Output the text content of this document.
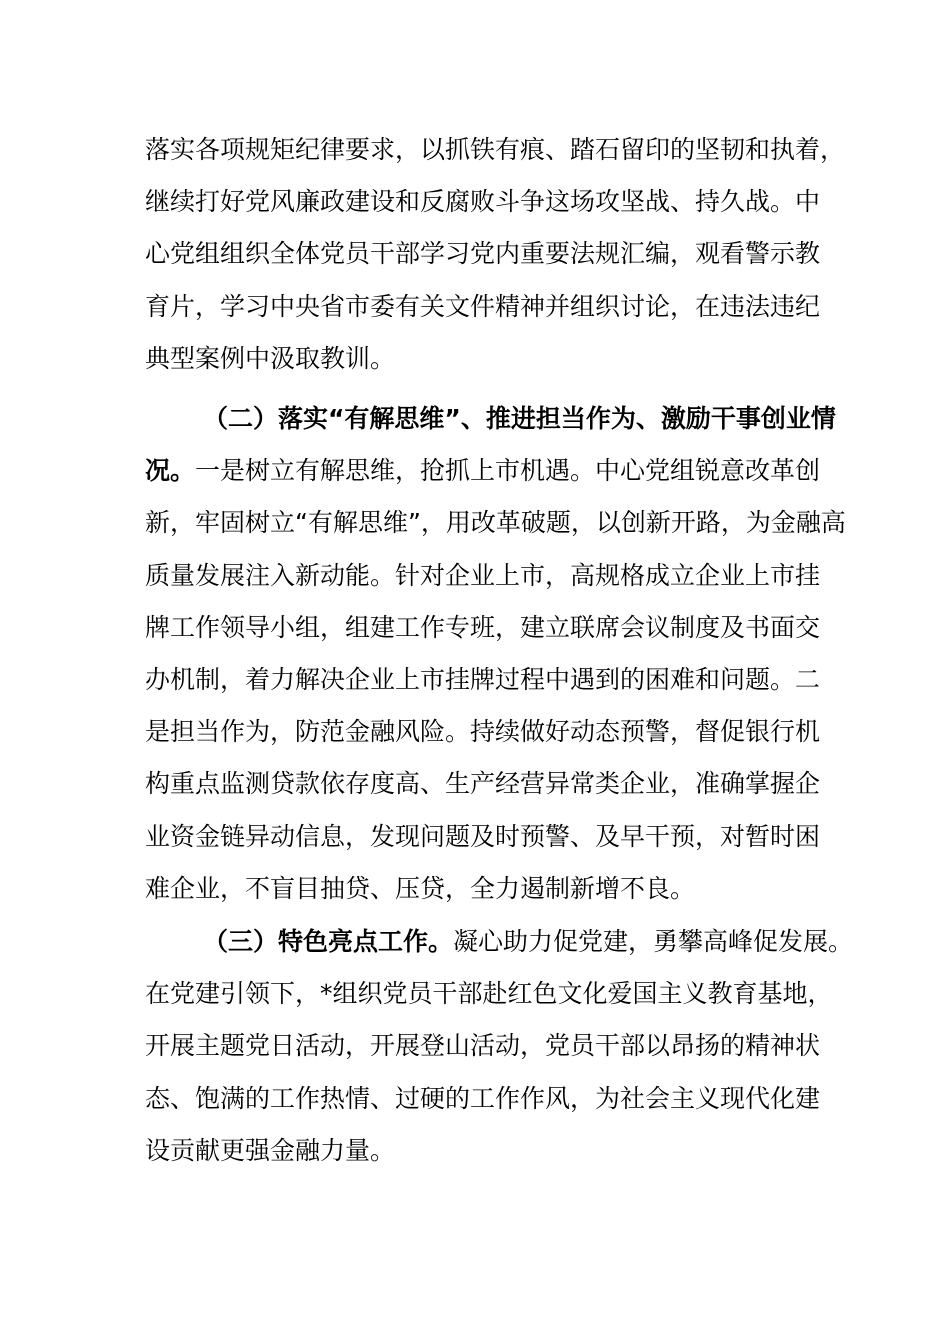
落实各项规矩纪律要求，以抓铁有痕、踏石留印的坚韧和执着，
继续打好党风廉政建设和反腐败斗争这场攻坚战、持久战。中
心党组组织全体党员干部学习党内重要法规汇编，观看警示教
育片，学习中央省市委有关文件精神并组织讨论，在违法违纪
典型案例中汲取教训。
（二）落实“有解思维”、推进担当作为、激励干事创业情
况。一是树立有解思维，抢抓上市机遇。中心党组锐意改革创
新，牢固树立“有解思维”，用改革破题，以创新开路，为金融高
质量发展注入新动能。针对企业上市，高规格成立企业上市挂
牌工作领导小组，组建工作专班，建立联席会议制度及书面交
办机制，着力解决企业上市挂牌过程中遇到的困难和问题。二
是担当作为，防范金融风险。持续做好动态预警，督促银行机
构重点监测贷款依存度高、生产经营异常类企业，准确掌握企
业资金链异动信息，发现问题及时预警、及早干预，对暂时困
难企业，不盲目抽贷、压贷，全力遏制新增不良。
（三）特色亮点工作。凝心助力促党建，勇攀高峰促发展。
在党建引领下，*组织党员干部赴红色文化爱国主义教育基地，
开展主题党日活动，开展登山活动，党员干部以昂扬的精神状
态、饱满的工作热情、过硬的工作作风，为社会主义现代化建
设贡献更强金融力量。
